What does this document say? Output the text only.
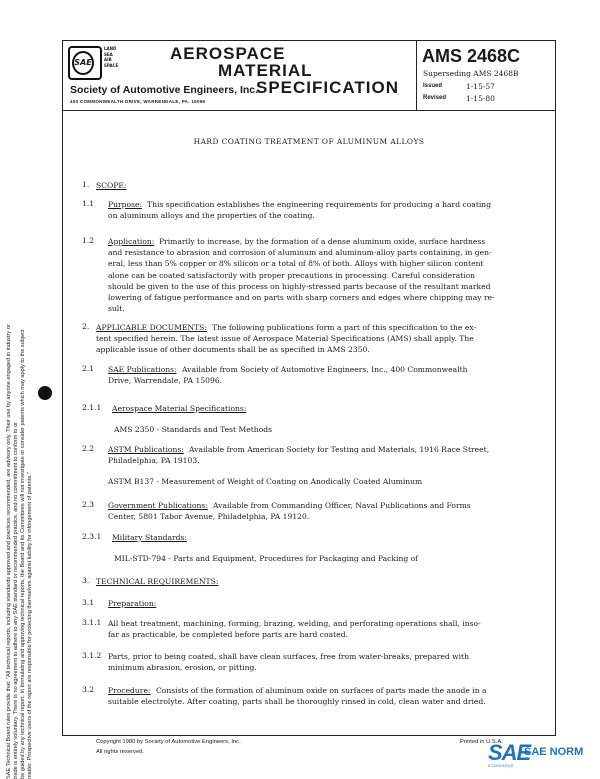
SAE
LAND
SEA
AIR
SPACE
AEROSPACE
MATERIAL
SPECIFICATION
Society of Automotive Engineers, Inc.
400 COMMONWEALTH DRIVE, WARRENDALE, PA. 15096
AMS 2468C
Superseding AMS 2468B
Issued	1-15-57
Revised	1-15-80
HARD COATING TREATMENT OF ALUMINUM ALLOYS
1. SCOPE:
1.1 Purpose: This specification establishes the engineering requirements for producing a hard coating
on aluminum alloys and the properties of the coating.
1.2 Application: Primarily to increase, by the formation of a dense aluminum oxide, surface hardness
and resistance to abrasion and corrosion of aluminum and aluminum-alloy parts containing, in gen-
eral, less than 5% copper or 8% silicon or a total of 8% of both. Alloys with higher silicon content
alone can be coated satisfactorily with proper precautions in processing. Careful consideration
should be given to the use of this process on highly-stressed parts because of the resultant marked
lowering of fatigue performance and on parts with sharp corners and edges where chipping may re-
sult.
2. APPLICABLE DOCUMENTS: The following publications form a part of this specification to the ex-
tent specified herein. The latest issue of Aerospace Material Specifications (AMS) shall apply. The
applicable issue of other documents shall be as specified in AMS 2350.
2.1 SAE Publications: Available from Society of Automotive Engineers, Inc., 400 Commonwealth
Drive, Warrendale, PA 15096.
2.1.1 Aerospace Material Specifications:
AMS 2350 - Standards and Test Methods
2.2 ASTM Publications: Available from American Society for Testing and Materials, 1916 Race Street,
Philadelphia, PA 19103.
ASTM B137 - Measurement of Weight of Coating on Anodically Coated Aluminum
2.3 Government Publications: Available from Commanding Officer, Naval Publications and Forms
Center, 5801 Tabor Avenue, Philadelphia, PA 19120.
2.3.1 Military Standards:
MIL-STD-794 - Parts and Equipment, Procedures for Packaging and Packing of
3. TECHNICAL REQUIREMENTS:
3.1 Preparation:
3.1.1 All heat treatment, machining, forming, brazing, welding, and perforating operations shall, inso-
far as practicable, be completed before parts are hard coated.
3.1.2 Parts, prior to being coated, shall have clean surfaces, free from water-breaks, prepared with
minimum abrasion, erosion, or pitting.
3.2 Procedure: Consists of the formation of aluminum oxide on surfaces of parts made the anode in a
suitable electrolyte. After coating, parts shall be thoroughly rinsed in cold, clean water and dried.
SAE Technical Board rules provide that: "All technical reports, including standards approved and practices recommended, are advisory only. Their use by anyone engaged in industry or trade is entirely voluntary. There is no agreement to adhere to any SAE standard or recommended practice, and no commitment to conform to or be guided by any technical report. In formulating and approving technical reports, the Board and its Committees will not investigate or consider patents which may apply to the subject matter. Prospective users of the report are responsible for protecting themselves against liability for infringement of patents."	Copyright 1980 by Society of Automotive Engineers, Inc.
All rights reserved.
Printed in U.S.A.
SAE
SAE NORM
STANDARDS
